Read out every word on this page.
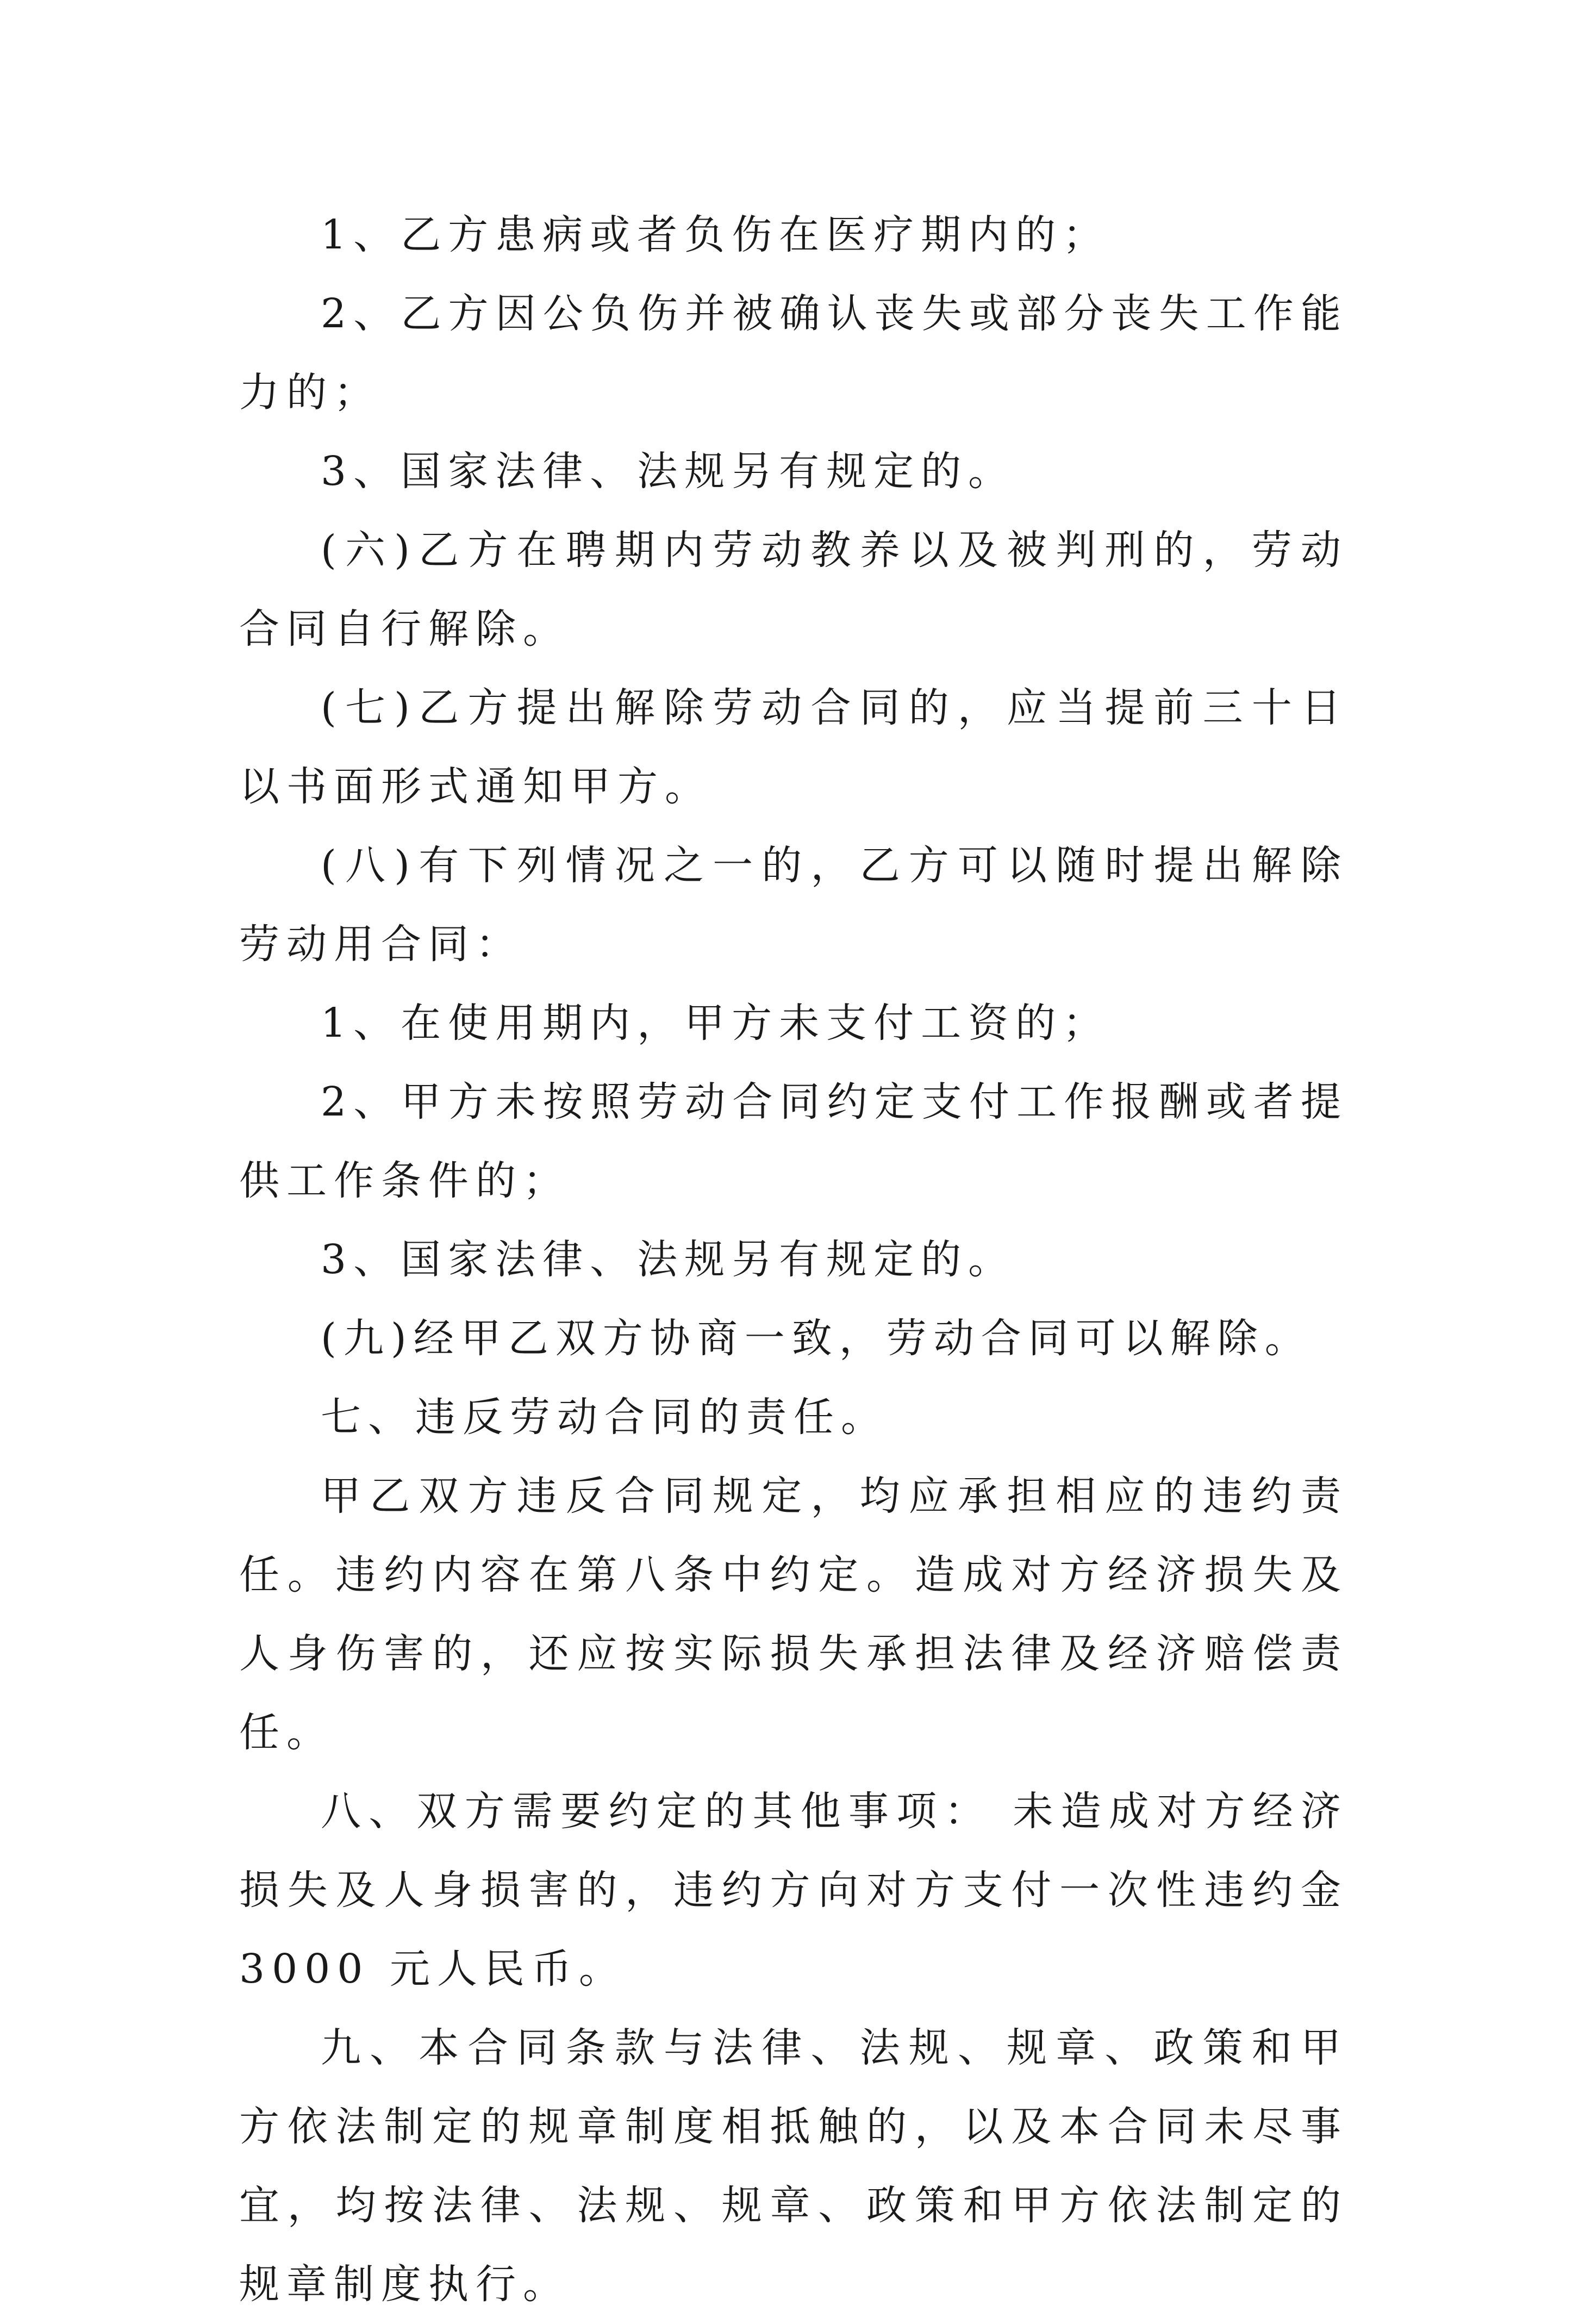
1、乙方患病或者负伤在医疗期内的；

2、乙方因公负伤并被确认丧失或部分丧失工作能力的；

3、国家法律、法规另有规定的。

(六)乙方在聘期内劳动教养以及被判刑的，劳动合同自行解除。

(七)乙方提出解除劳动合同的，应当提前三十日以书面形式通知甲方。

(八)有下列情况之一的，乙方可以随时提出解除劳动用合同：

1、在使用期内，甲方未支付工资的；

2、甲方未按照劳动合同约定支付工作报酬或者提供工作条件的；

3、国家法律、法规另有规定的。

(九)经甲乙双方协商一致，劳动合同可以解除。

七、违反劳动合同的责任。

甲乙双方违反合同规定，均应承担相应的违约责任。违约内容在第八条中约定。造成对方经济损失及人身伤害的，还应按实际损失承担法律及经济赔偿责任。

八、双方需要约定的其他事项： 未造成对方经济损失及人身损害的，违约方向对方支付一次性违约金 3000 元人民币。

九、本合同条款与法律、法规、规章、政策和甲方依法制定的规章制度相抵触的，以及本合同未尽事宜，均按法律、法规、规章、政策和甲方依法制定的规章制度执行。
